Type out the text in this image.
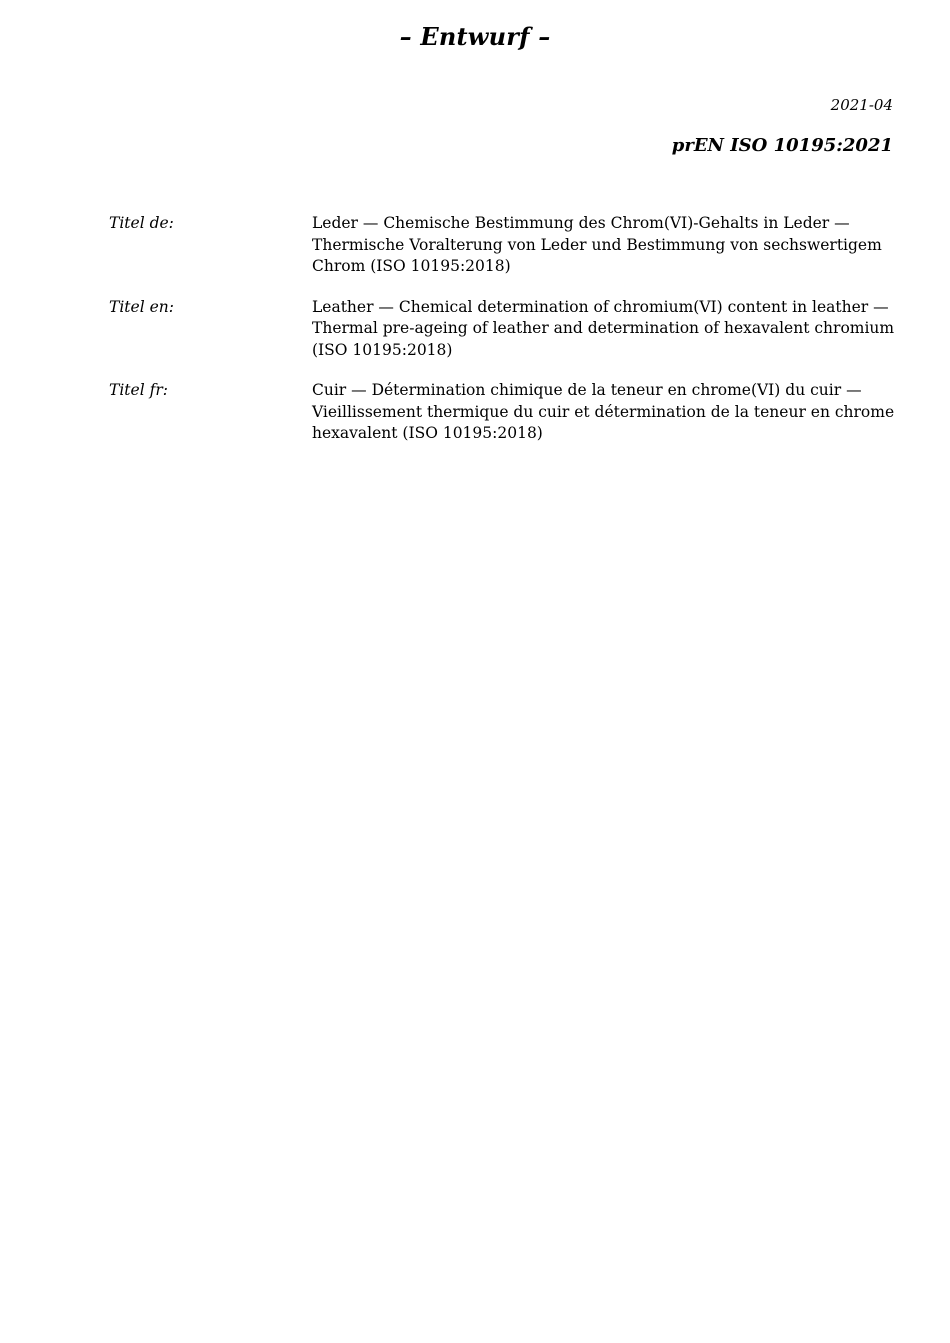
– Entwurf –
2021-04
prEN ISO 10195:2021
Titel de:	Leder — Chemische Bestimmung des Chrom(VI)-Gehalts in Leder — Thermische Voralterung von Leder und Bestimmung von sechswertigem Chrom (ISO 10195:2018)
Titel en:	Leather — Chemical determination of chromium(VI) content in leather — Thermal pre-ageing of leather and determination of hexavalent chromium (ISO 10195:2018)
Titel fr:	Cuir — Détermination chimique de la teneur en chrome(VI) du cuir — Vieillissement thermique du cuir et détermination de la teneur en chrome hexavalent (ISO 10195:2018)
